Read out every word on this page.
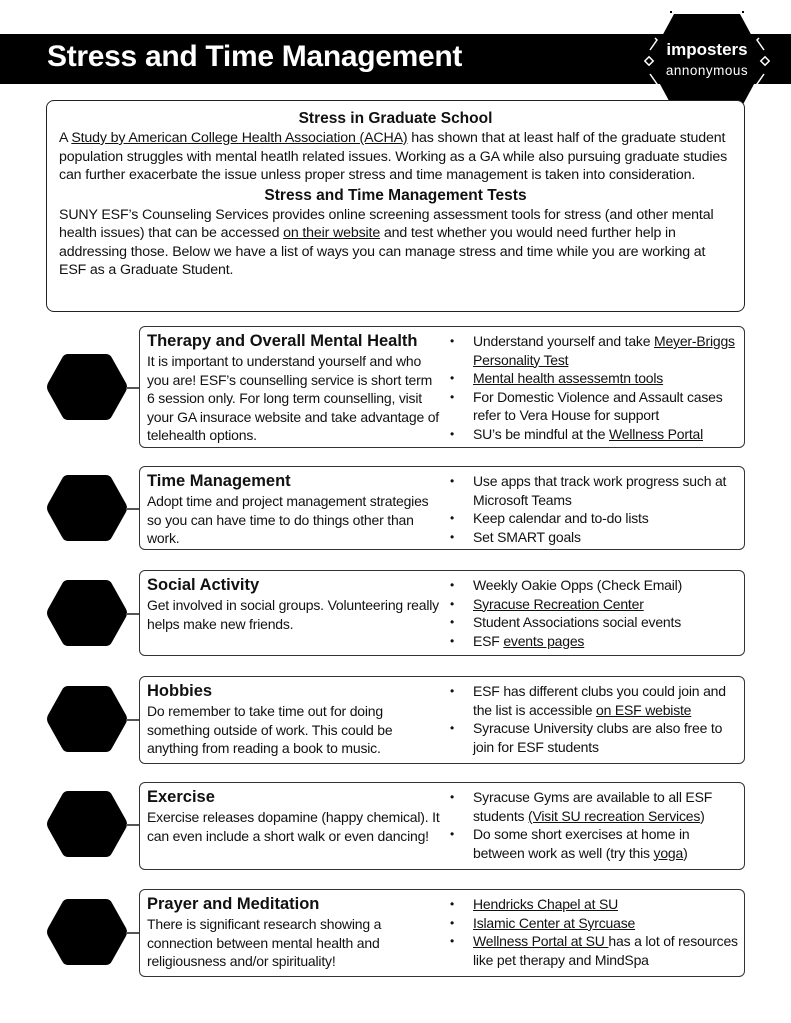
Stress and Time Management	imposters
annonymous
Stress in Graduate School

A Study by American College Health Association (ACHA) has shown that at least half of the graduate student population struggles with mental heatlh related issues. Working as a GA while also pursuing graduate studies can further exacerbate the issue unless proper stress and time management is taken into consideration.

Stress and Time Management Tests

SUNY ESF’s Counseling Services provides online screening assessment tools for stress (and other mental health issues) that can be accessed on their website and test whether you would need further help in addressing those. Below we have a list of ways you can manage stress and time while you are working at ESF as a Graduate Student.

Therapy and Overall Mental Health
It is important to understand yourself and who you are! ESF’s counselling service is short term 6 session only. For long term counselling, visit your GA insurace website and take advantage of telehealth options.
• Understand yourself and take Meyer-Briggs Personality Test
• Mental health assessemtn tools
• For Domestic Violence and Assault cases refer to Vera House for support
• SU’s be mindful at the Wellness Portal
Time Management
Adopt time and project management strategies so you can have time to do things other than work.
• Use apps that track work progress such at Microsoft Teams
• Keep calendar and to-do lists
• Set SMART goals
Social Activity
Get involved in social groups. Volunteering really helps make new friends.
• Weekly Oakie Opps (Check Email)
• Syracuse Recreation Center
• Student Associations social events
• ESF events pages
Hobbies
Do remember to take time out for doing something outside of work. This could be anything from reading a book to music.
• ESF has different clubs you could join and the list is accessible on ESF webiste
• Syracuse University clubs are also free to join for ESF students
Exercise
Exercise releases dopamine (happy chemical). It can even include a short walk or even dancing!
• Syracuse Gyms are available to all ESF students (Visit SU recreation Services)
• Do some short exercises at home in between work as well (try this yoga)
Prayer and Meditation
There is significant research showing a connection between mental health and religiousness and/or spirituality!
• Hendricks Chapel at SU
• Islamic Center at Syrcuase
• Wellness Portal at SU has a lot of resources like pet therapy and MindSpa
